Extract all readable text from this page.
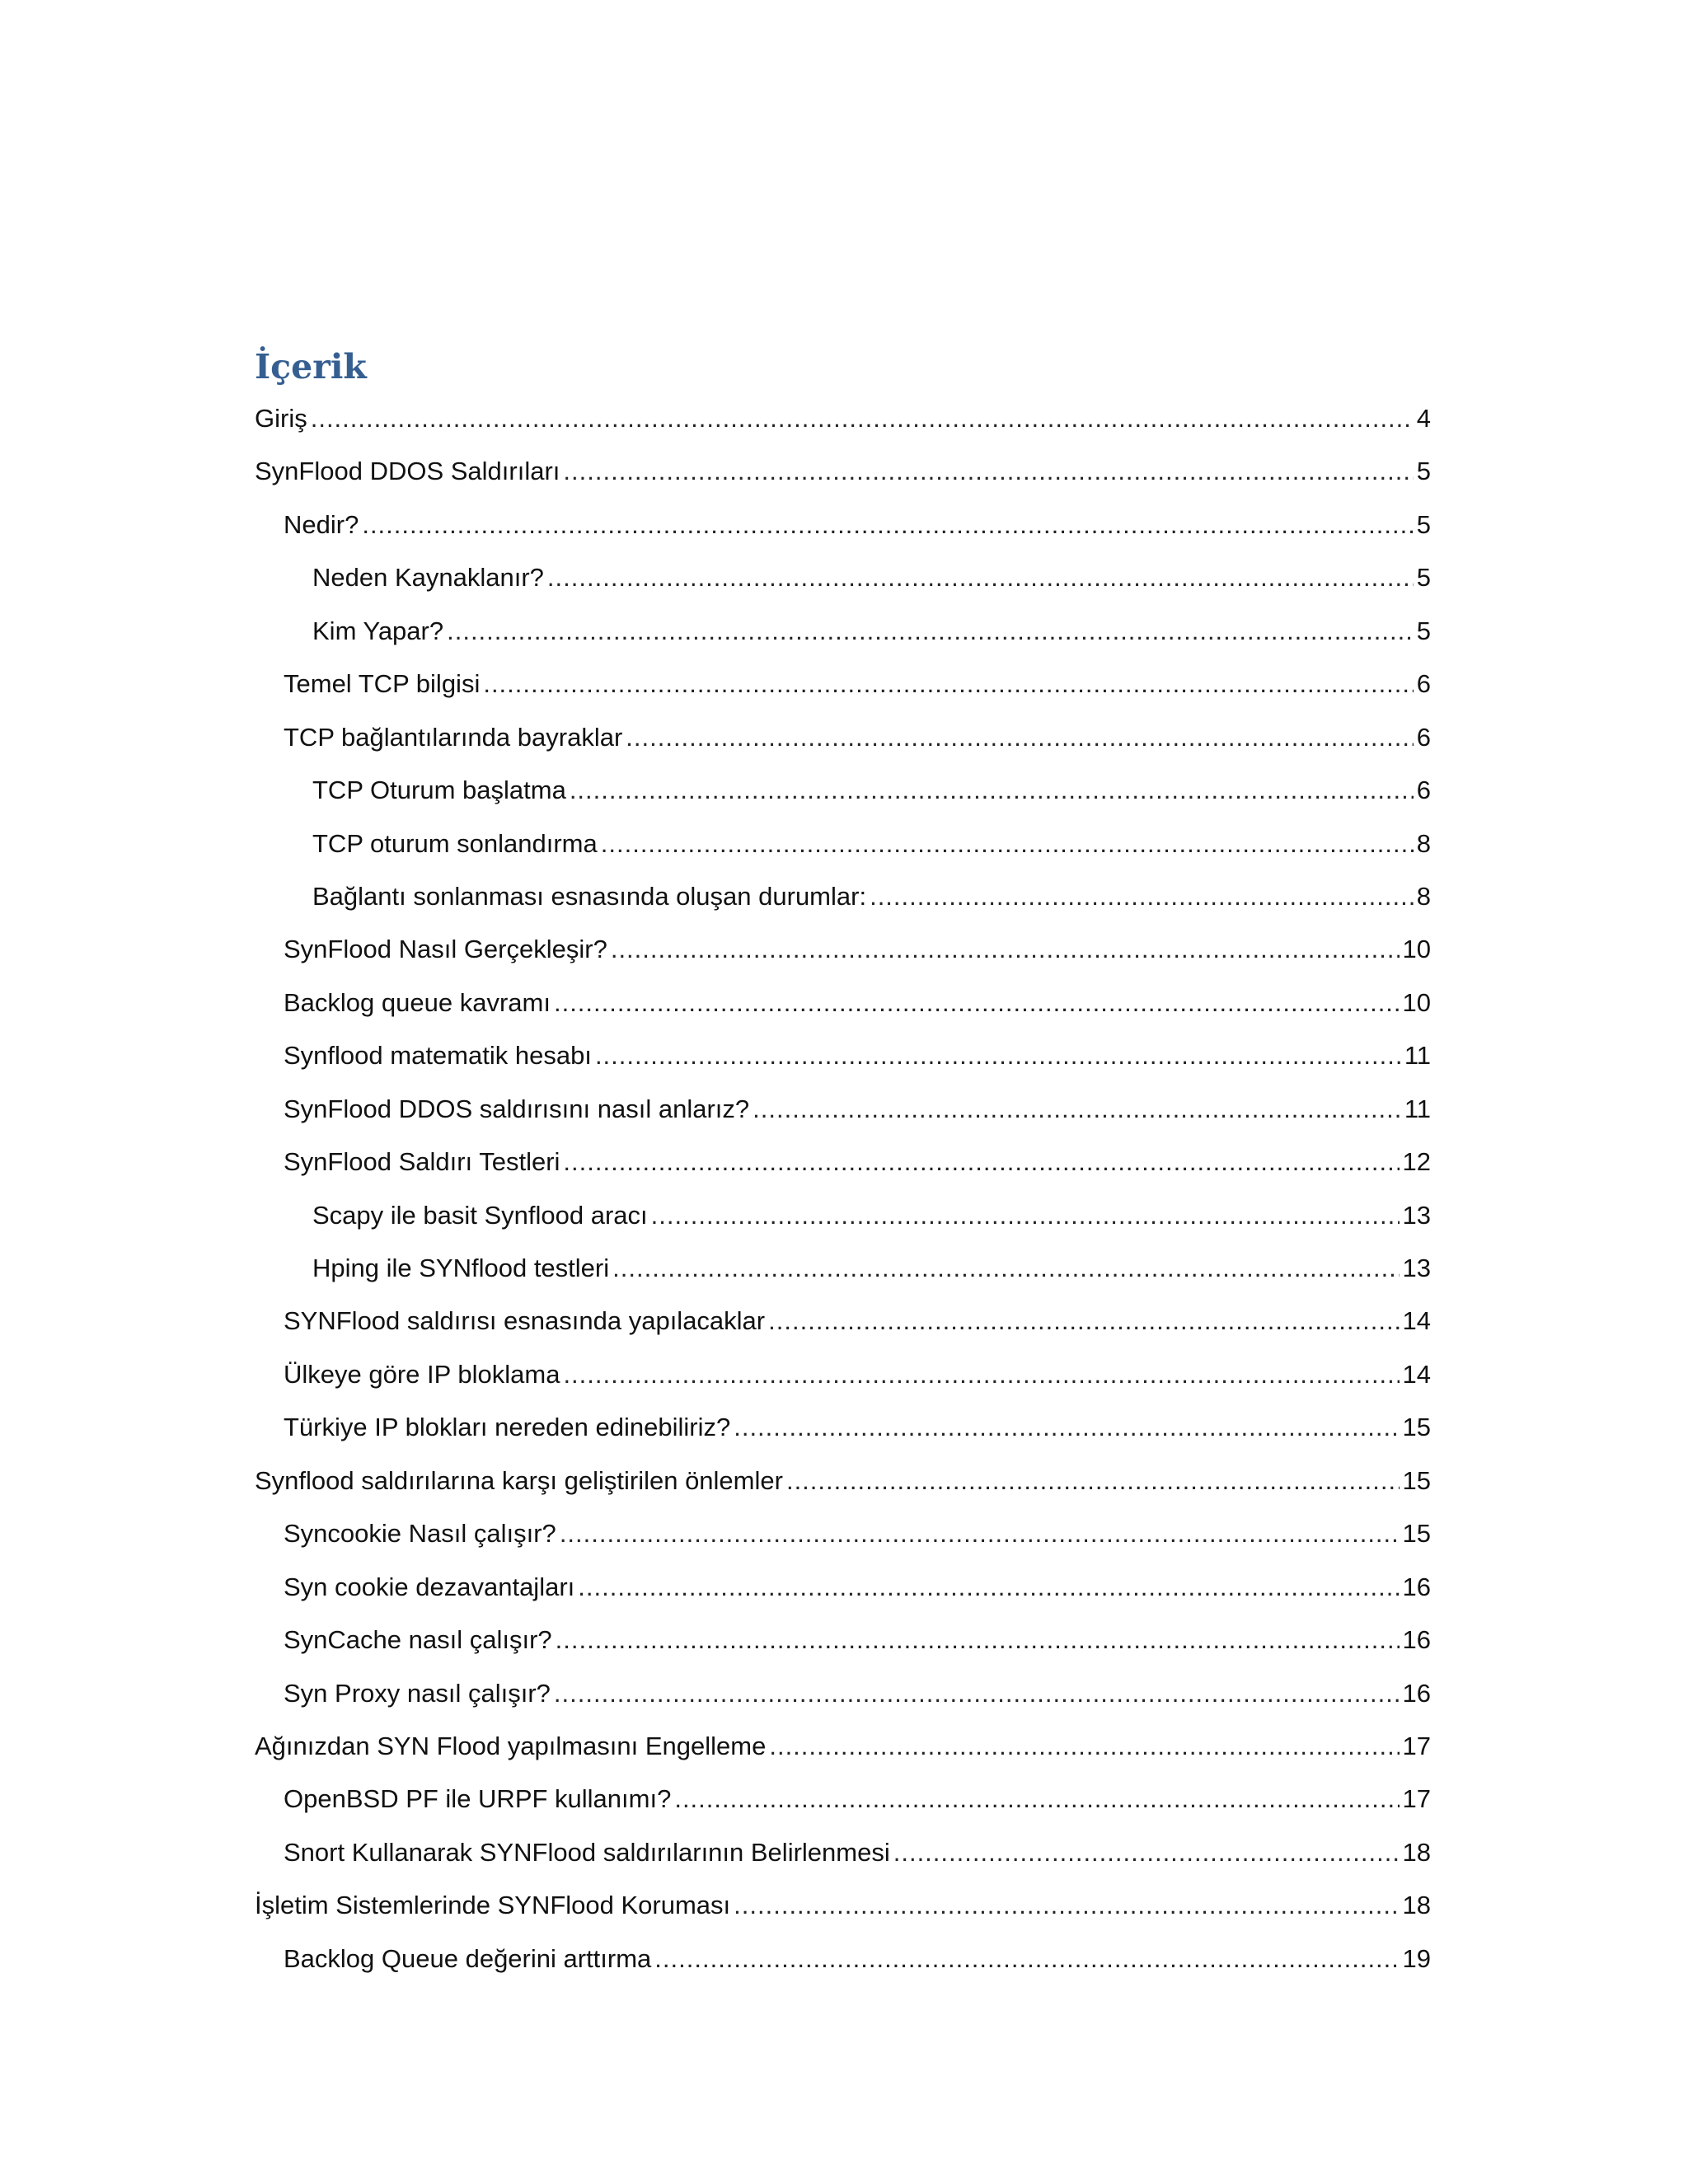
İçerik
Giriş .....	4
SynFlood DDOS Saldırıları .....	5
Nedir? .....	5
Neden Kaynaklanır? .....	5
Kim Yapar? .....	5
Temel TCP bilgisi .....	6
TCP bağlantılarında bayraklar .....	6
TCP Oturum başlatma .....	6
TCP oturum sonlandırma .....	8
Bağlantı sonlanması esnasında oluşan durumlar: .....	8
SynFlood Nasıl Gerçekleşir? .....	10
Backlog queue kavramı .....	10
Synflood matematik hesabı .....	11
SynFlood DDOS saldırısını nasıl anlarız? .....	11
SynFlood Saldırı Testleri .....	12
Scapy ile basit Synflood aracı .....	13
Hping ile SYNflood testleri .....	13
SYNFlood saldırısı esnasında yapılacaklar .....	14
Ülkeye göre IP bloklama .....	14
Türkiye IP blokları nereden edinebiliriz? .....	15
Synflood saldırılarına karşı geliştirilen önlemler .....	15
Syncookie Nasıl çalışır? .....	15
Syn cookie dezavantajları .....	16
SynCache nasıl çalışır? .....	16
Syn Proxy nasıl çalışır? .....	16
Ağınızdan SYN Flood yapılmasını Engelleme .....	17
OpenBSD PF ile URPF kullanımı? .....	17
Snort Kullanarak SYNFlood saldırılarının Belirlenmesi .....	18
İşletim Sistemlerinde SYNFlood Koruması .....	18
Backlog Queue değerini arttırma .....	19
